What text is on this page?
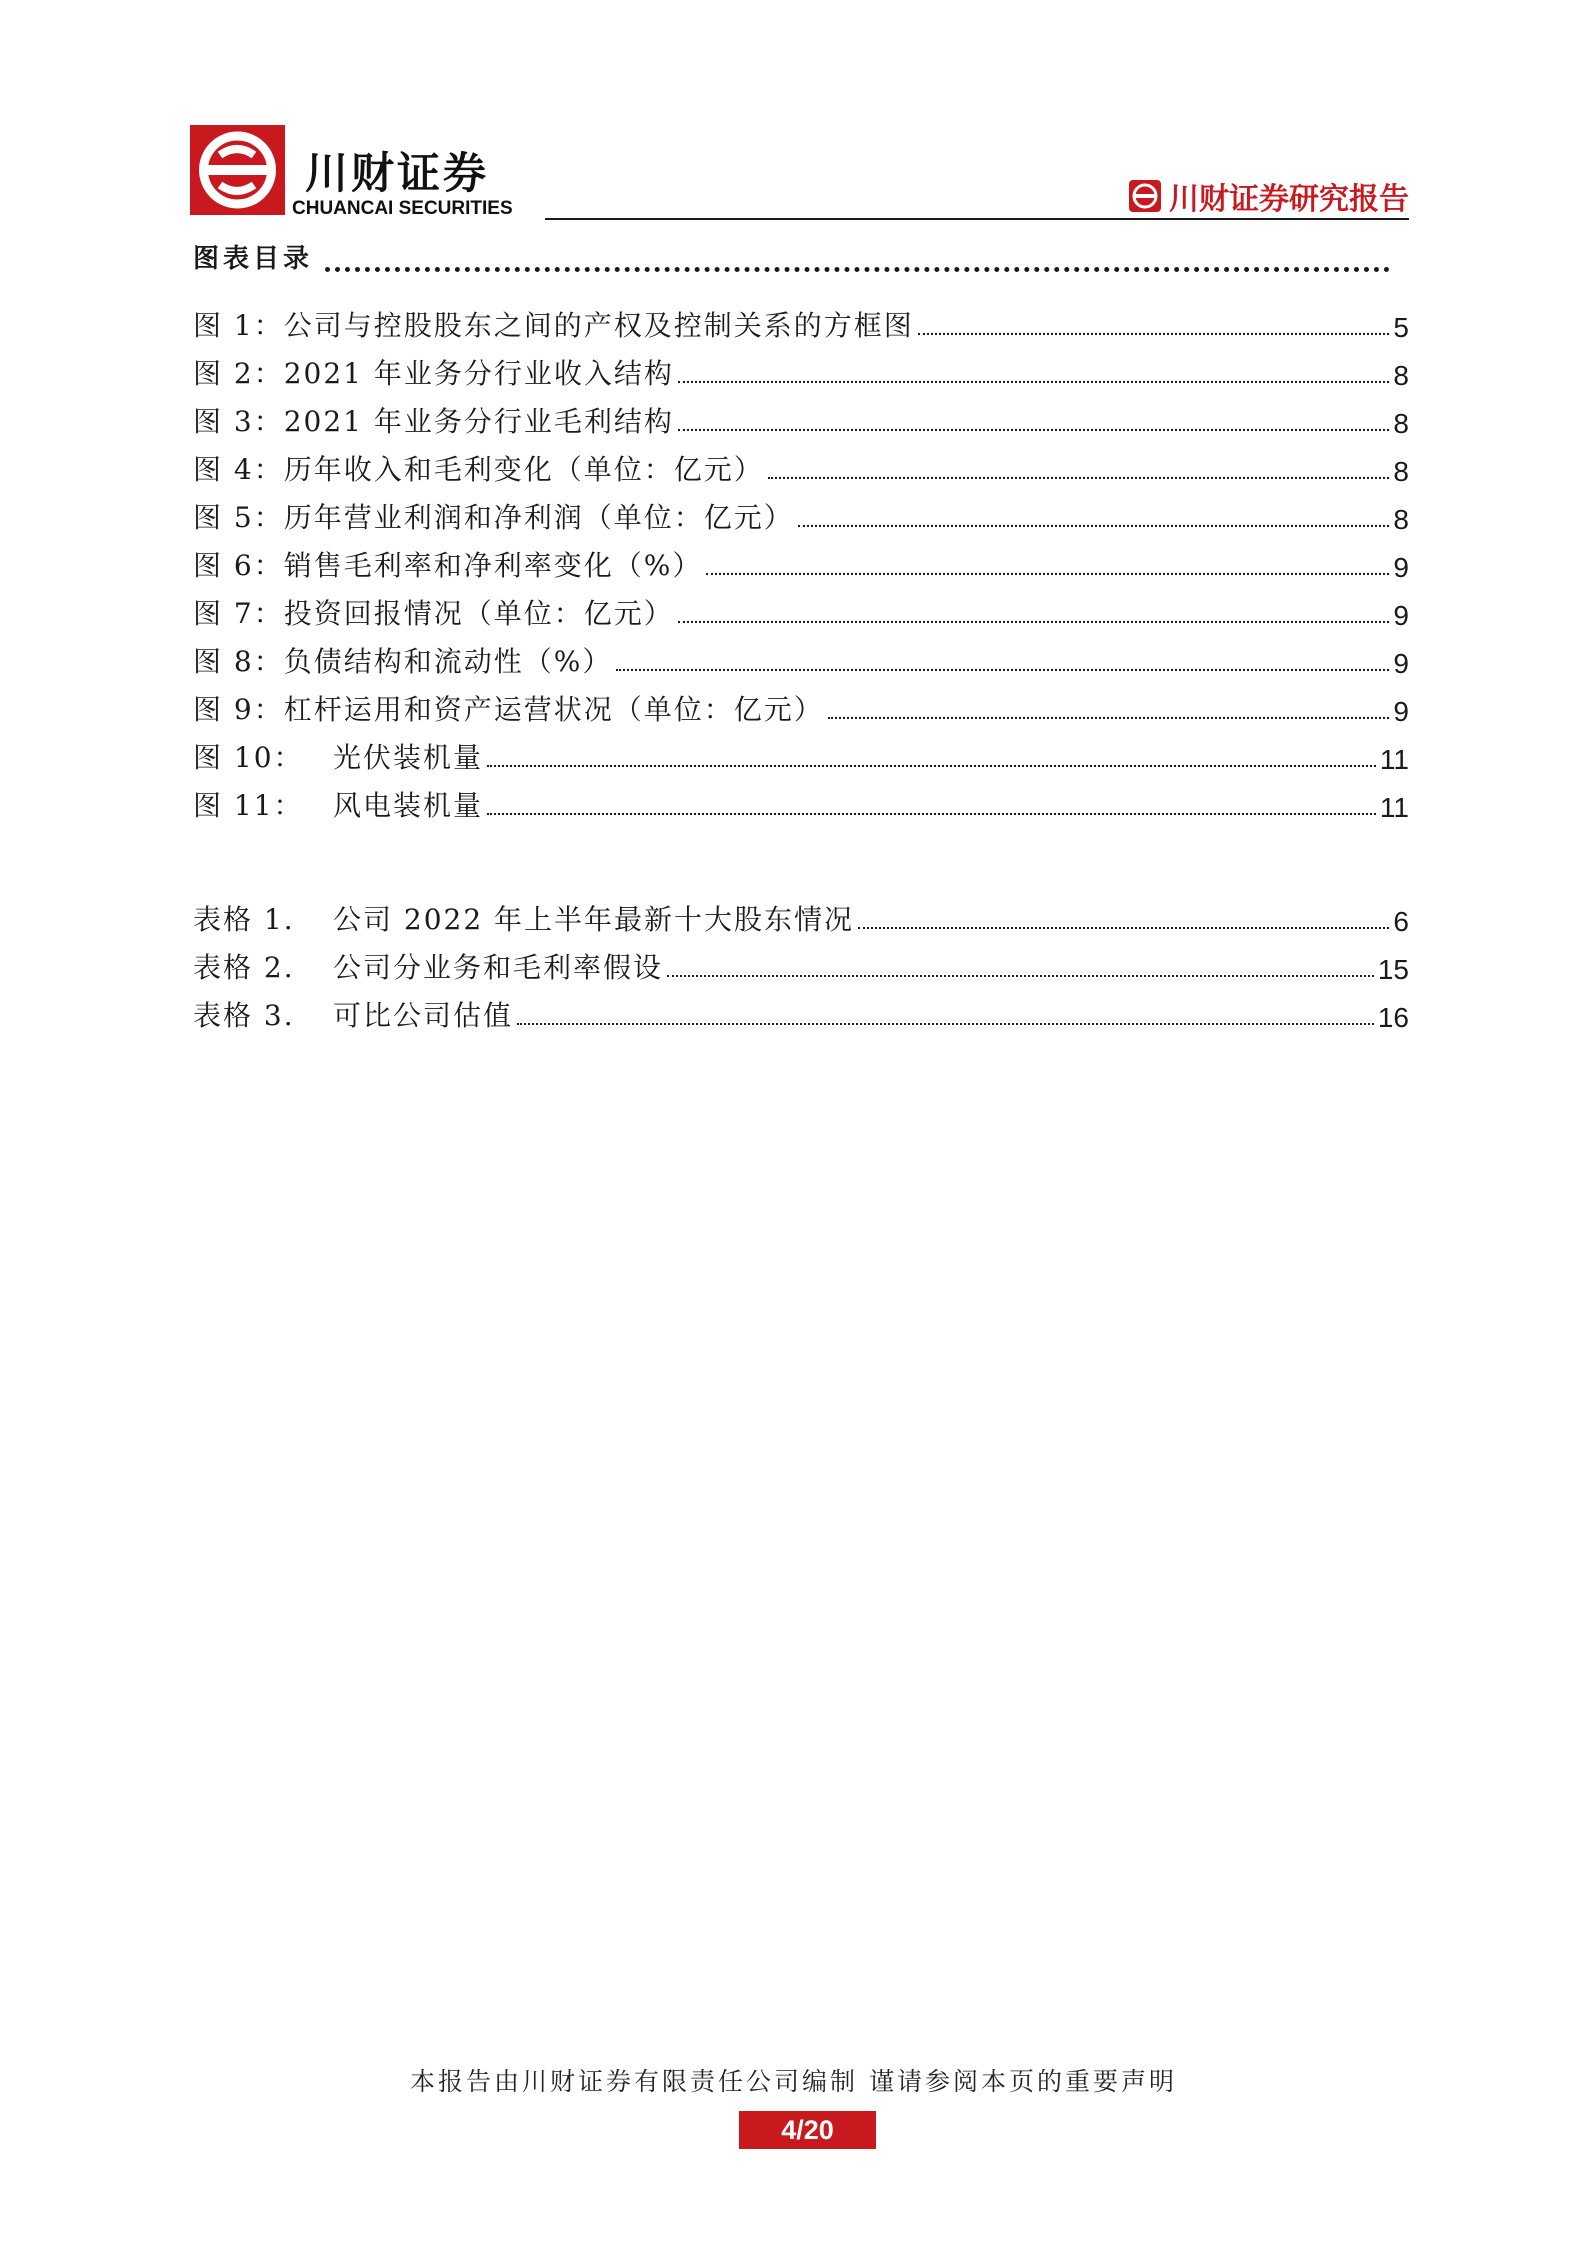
川财证券
CHUANCAI SECURITIES	川财证券研究报告
图表目录
图 1： 公司与控股股东之间的产权及控制关系的方框图	5
图 2： 2021 年业务分行业收入结构	8
图 3： 2021 年业务分行业毛利结构	8
图 4： 历年收入和毛利变化（单位：亿元）	8
图 5： 历年营业利润和净利润（单位：亿元）	8
图 6： 销售毛利率和净利率变化（%）	9
图 7： 投资回报情况（单位：亿元）	9
图 8： 负债结构和流动性（%）	9
图 9： 杠杆运用和资产运营状况（单位：亿元）	9
图 10：	光伏装机量	11
图 11：	风电装机量	11
表格 1.	公司 2022 年上半年最新十大股东情况	6
表格 2.	公司分业务和毛利率假设	15
表格 3.	可比公司估值	16
本报告由川财证券有限责任公司编制 谨请参阅本页的重要声明
4/20
